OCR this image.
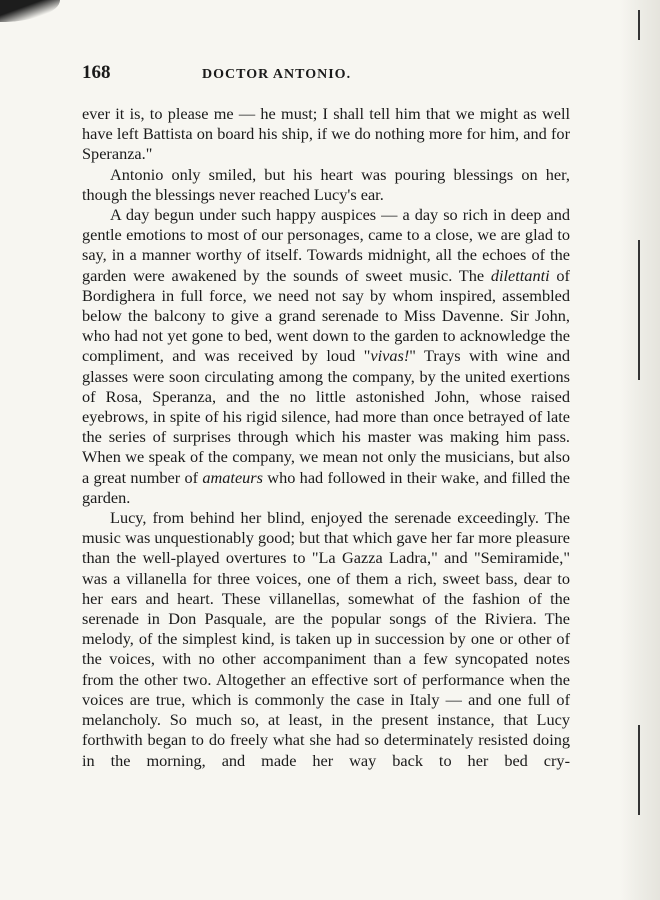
168	DOCTOR ANTONIO.

ever it is, to please me — he must; I shall tell him that we might as well have left Battista on board his ship, if we do nothing more for him, and for Speranza."

Antonio only smiled, but his heart was pouring blessings on her, though the blessings never reached Lucy's ear.

A day begun under such happy auspices — a day so rich in deep and gentle emotions to most of our personages, came to a close, we are glad to say, in a manner worthy of itself. Towards midnight, all the echoes of the garden were awakened by the sounds of sweet music. The dilettanti of Bordighera in full force, we need not say by whom inspired, assembled below the balcony to give a grand serenade to Miss Davenne. Sir John, who had not yet gone to bed, went down to the garden to acknowledge the compliment, and was received by loud "vivas!" Trays with wine and glasses were soon circulating among the company, by the united exertions of Rosa, Speranza, and the no little astonished John, whose raised eyebrows, in spite of his rigid silence, had more than once betrayed of late the series of surprises through which his master was making him pass. When we speak of the company, we mean not only the musicians, but also a great number of amateurs who had followed in their wake, and filled the garden.

Lucy, from behind her blind, enjoyed the serenade exceedingly. The music was unquestionably good; but that which gave her far more pleasure than the well-played overtures to "La Gazza Ladra," and "Semiramide," was a villanella for three voices, one of them a rich, sweet bass, dear to her ears and heart. These villanellas, somewhat of the fashion of the serenade in Don Pasquale, are the popular songs of the Riviera. The melody, of the simplest kind, is taken up in succession by one or other of the voices, with no other accompaniment than a few syncopated notes from the other two. Altogether an effective sort of performance when the voices are true, which is commonly the case in Italy — and one full of melancholy. So much so, at least, in the present instance, that Lucy forthwith began to do freely what she had so determinately resisted doing in the morning, and made her way back to her bed cry-
